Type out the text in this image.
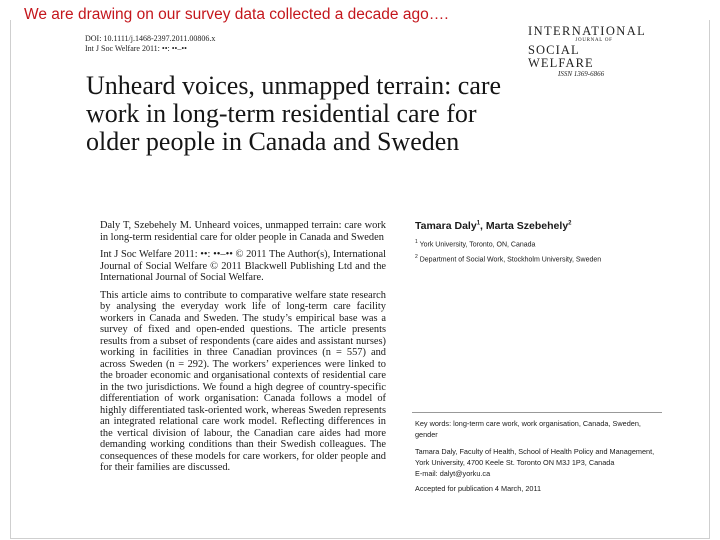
We are drawing on our survey data collected a decade ago….
DOI: 10.1111/j.1468-2397.2011.00806.x
Int J Soc Welfare 2011: ••: ••–••
INTERNATIONAL
JOURNAL OF
SOCIAL WELFARE
ISSN 1369-6866
Unheard voices, unmapped terrain: care work in long-term residential care for older people in Canada and Sweden

Daly T, Szebehely M. Unheard voices, unmapped terrain: care work in long-term residential care for older people in Canada and Sweden

Int J Soc Welfare 2011: ••: ••–•• © 2011 The Author(s), International Journal of Social Welfare © 2011 Blackwell Publishing Ltd and the International Journal of Social Welfare.

This article aims to contribute to comparative welfare state research by analysing the everyday work life of long-term care facility workers in Canada and Sweden. The study’s empirical base was a survey of fixed and open-ended questions. The article presents results from a subset of respondents (care aides and assistant nurses) working in facilities in three Canadian provinces (n = 557) and across Sweden (n = 292). The workers’ experiences were linked to the broader economic and organisational contexts of residential care in the two jurisdictions. We found a high degree of country-specific differentiation of work organisation: Canada follows a model of highly differentiated task-oriented work, whereas Sweden represents an integrated relational care work model. Reflecting differences in the vertical division of labour, the Canadian care aides had more demanding working conditions than their Swedish colleagues. The consequences of these models for care workers, for older people and for their families are discussed.

Tamara Daly$^1$, Marta Szebehely$^2$
$^1$ York University, Toronto, ON, Canada
$^2$ Department of Social Work, Stockholm University, Sweden

Key words: long-term care work, work organisation, Canada, Sweden, gender

Tamara Daly, Faculty of Health, School of Health Policy and Management, York University, 4700 Keele St. Toronto ON M3J 1P3, Canada
E-mail: dalyt@yorku.ca
Accepted for publication 4 March, 2011
